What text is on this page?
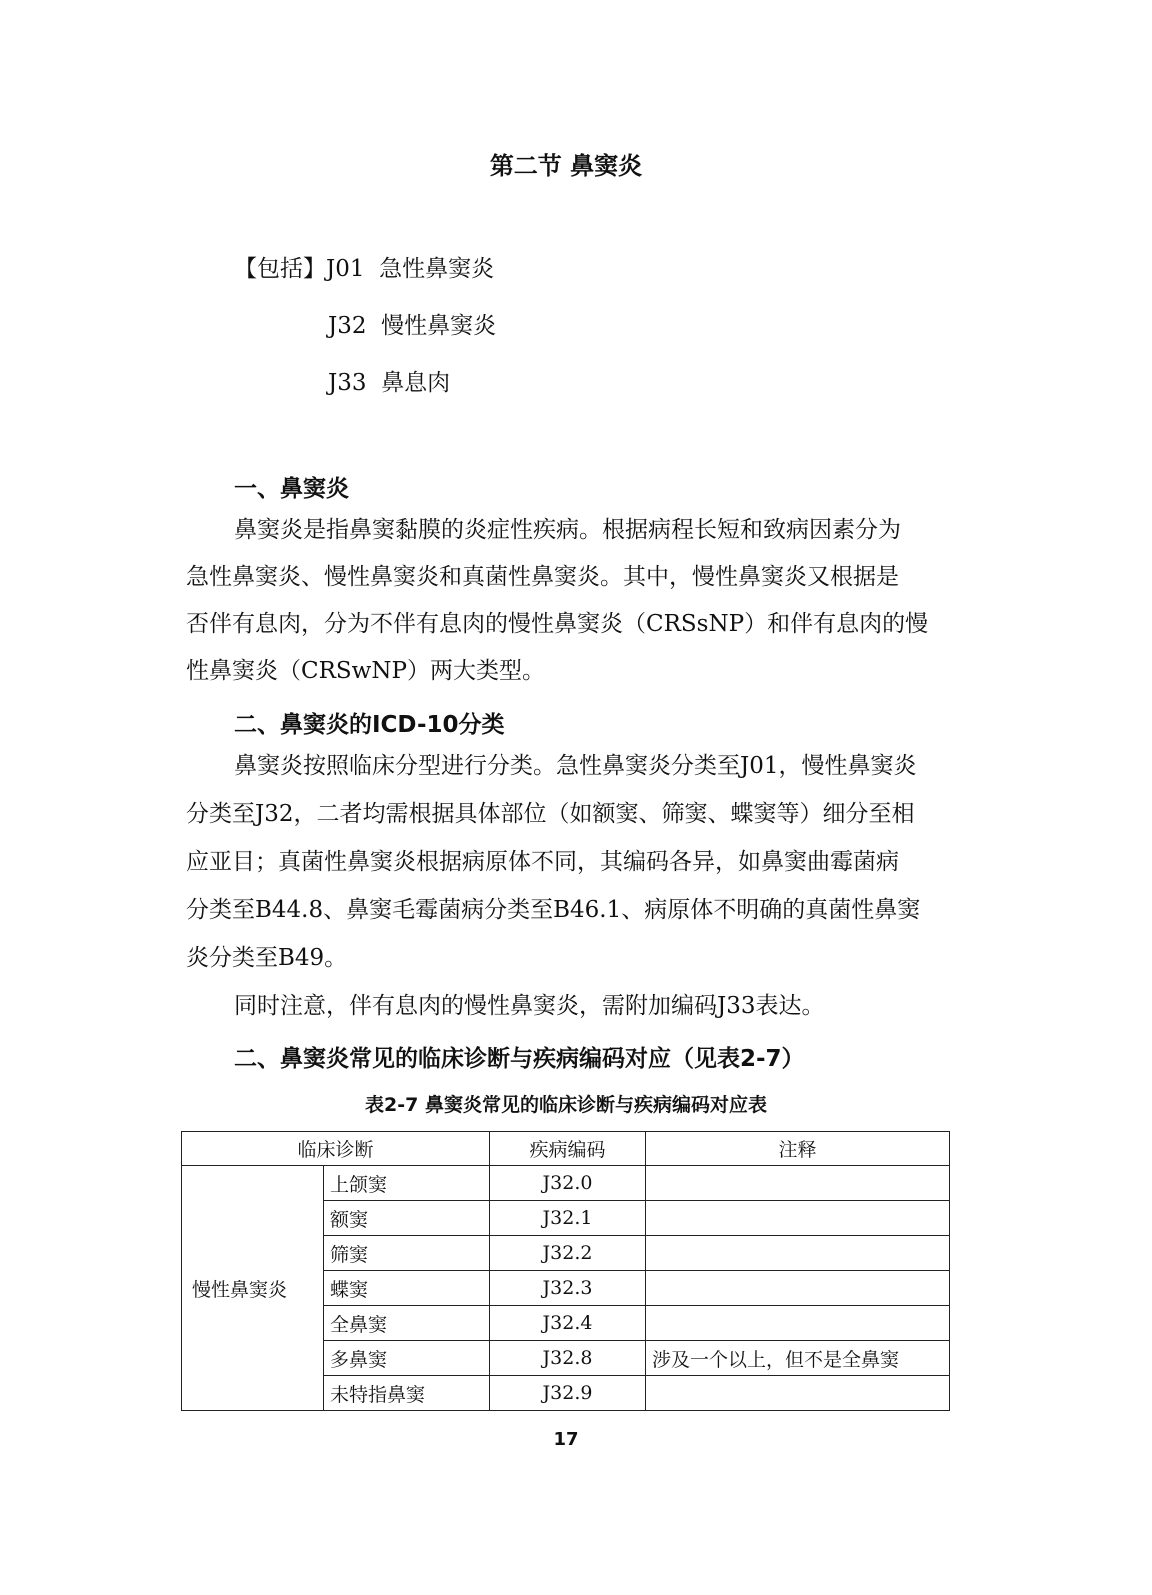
第二节 鼻窦炎
【包括】J01 急性鼻窦炎
J32 慢性鼻窦炎
J33 鼻息肉
一、鼻窦炎
鼻窦炎是指鼻窦黏膜的炎症性疾病。根据病程长短和致病因素分为
急性鼻窦炎、慢性鼻窦炎和真菌性鼻窦炎。其中，慢性鼻窦炎又根据是
否伴有息肉，分为不伴有息肉的慢性鼻窦炎（CRSsNP）和伴有息肉的慢
性鼻窦炎（CRSwNP）两大类型。
二、鼻窦炎的ICD-10分类
鼻窦炎按照临床分型进行分类。急性鼻窦炎分类至J01，慢性鼻窦炎
分类至J32，二者均需根据具体部位（如额窦、筛窦、蝶窦等）细分至相
应亚目；真菌性鼻窦炎根据病原体不同，其编码各异，如鼻窦曲霉菌病
分类至B44.8、鼻窦毛霉菌病分类至B46.1、病原体不明确的真菌性鼻窦
炎分类至B49。
同时注意，伴有息肉的慢性鼻窦炎，需附加编码J33表达。
二、鼻窦炎常见的临床诊断与疾病编码对应（见表2-7）
表2-7 鼻窦炎常见的临床诊断与疾病编码对应表
临床诊断		疾病编码	注释
慢性鼻窦炎	上颌窦	J32.0	
	额窦	J32.1	
	筛窦	J32.2	
	蝶窦	J32.3	
	全鼻窦	J32.4	
	多鼻窦	J32.8	涉及一个以上，但不是全鼻窦
	未特指鼻窦	J32.9	
17
